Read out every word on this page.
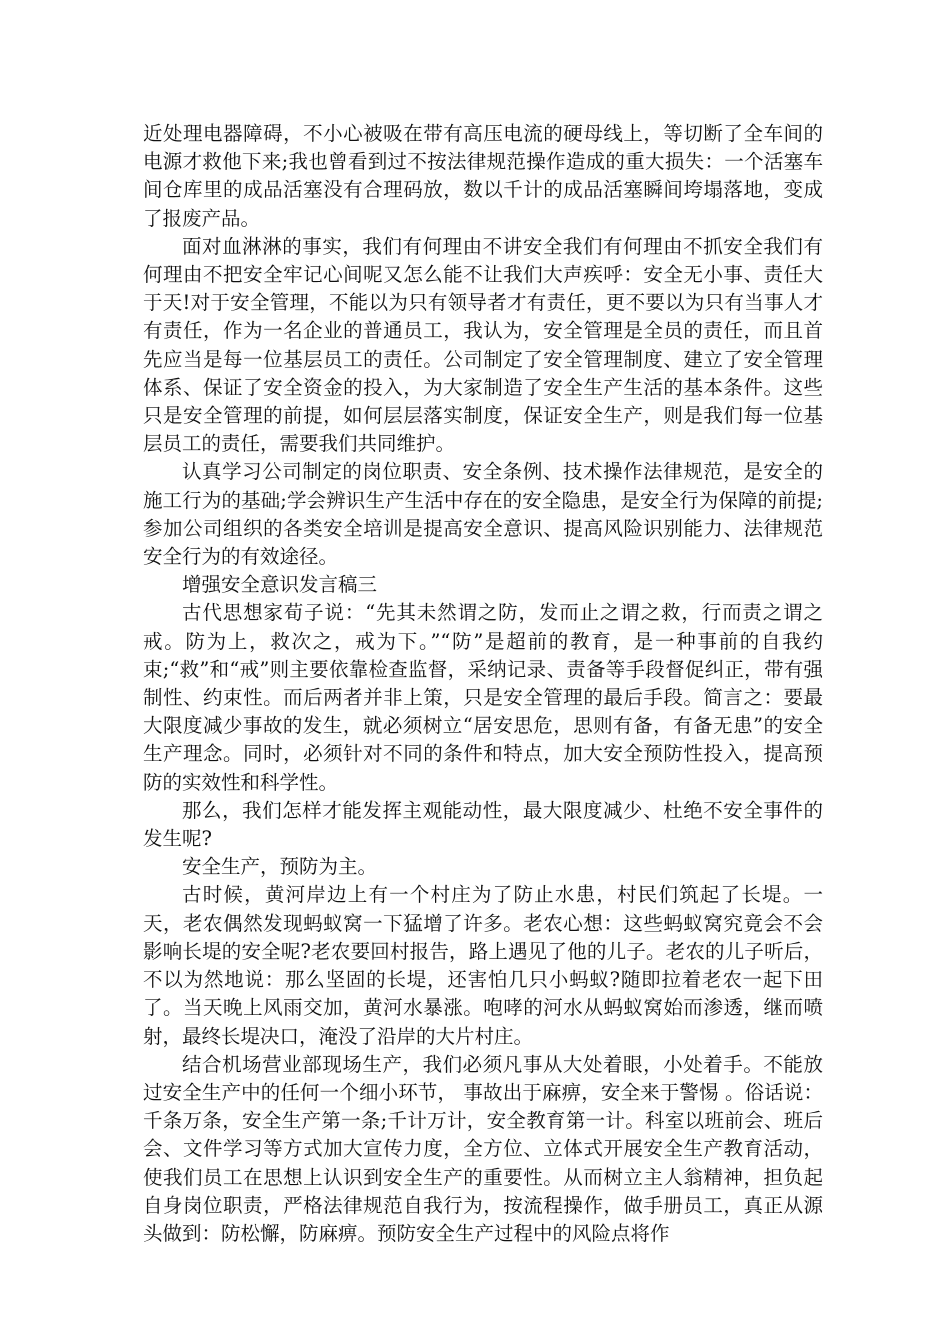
近处理电器障碍，不小心被吸在带有高压电流的硬母线上，等切断了全车间的电源才救他下来;我也曾看到过不按法律规范操作造成的重大损失：一个活塞车间仓库里的成品活塞没有合理码放，数以千计的成品活塞瞬间垮塌落地，变成了报废产品。

面对血淋淋的事实，我们有何理由不讲安全我们有何理由不抓安全我们有何理由不把安全牢记心间呢又怎么能不让我们大声疾呼：安全无小事、责任大于天!对于安全管理，不能以为只有领导者才有责任，更不要以为只有当事人才有责任，作为一名企业的普通员工，我认为，安全管理是全员的责任，而且首先应当是每一位基层员工的责任。公司制定了安全管理制度、建立了安全管理体系、保证了安全资金的投入，为大家制造了安全生产生活的基本条件。这些只是安全管理的前提，如何层层落实制度，保证安全生产，则是我们每一位基层员工的责任，需要我们共同维护。

认真学习公司制定的岗位职责、安全条例、技术操作法律规范，是安全的施工行为的基础;学会辨识生产生活中存在的安全隐患，是安全行为保障的前提;参加公司组织的各类安全培训是提高安全意识、提高风险识别能力、法律规范安全行为的有效途径。

增强安全意识发言稿三

古代思想家荀子说：“先其未然谓之防，发而止之谓之救，行而责之谓之戒。防为上，救次之，戒为下。”“防”是超前的教育，是一种事前的自我约束;“救”和“戒”则主要依靠检查监督，采纳记录、责备等手段督促纠正，带有强制性、约束性。而后两者并非上策，只是安全管理的最后手段。简言之：要最大限度减少事故的发生，就必须树立“居安思危，思则有备，有备无患”的安全生产理念。同时，必须针对不同的条件和特点，加大安全预防性投入，提高预防的实效性和科学性。

那么，我们怎样才能发挥主观能动性，最大限度减少、杜绝不安全事件的发生呢?

安全生产，预防为主。

古时候，黄河岸边上有一个村庄为了防止水患，村民们筑起了长堤。一天，老农偶然发现蚂蚁窝一下猛增了许多。老农心想：这些蚂蚁窝究竟会不会影响长堤的安全呢?老农要回村报告，路上遇见了他的儿子。老农的儿子听后，不以为然地说：那么坚固的长堤，还害怕几只小蚂蚁?随即拉着老农一起下田了。当天晚上风雨交加，黄河水暴涨。咆哮的河水从蚂蚁窝始而渗透，继而喷射，最终长堤决口，淹没了沿岸的大片村庄。

结合机场营业部现场生产，我们必须凡事从大处着眼，小处着手。不能放过安全生产中的任何一个细小环节， 事故出于麻痹，安全来于警惕 。俗话说：千条万条，安全生产第一条;千计万计，安全教育第一计。科室以班前会、班后会、文件学习等方式加大宣传力度，全方位、立体式开展安全生产教育活动，使我们员工在思想上认识到安全生产的重要性。从而树立主人翁精神，担负起自身岗位职责，严格法律规范自我行为，按流程操作，做手册员工，真正从源头做到：防松懈，防麻痹。预防安全生产过程中的风险点将作
